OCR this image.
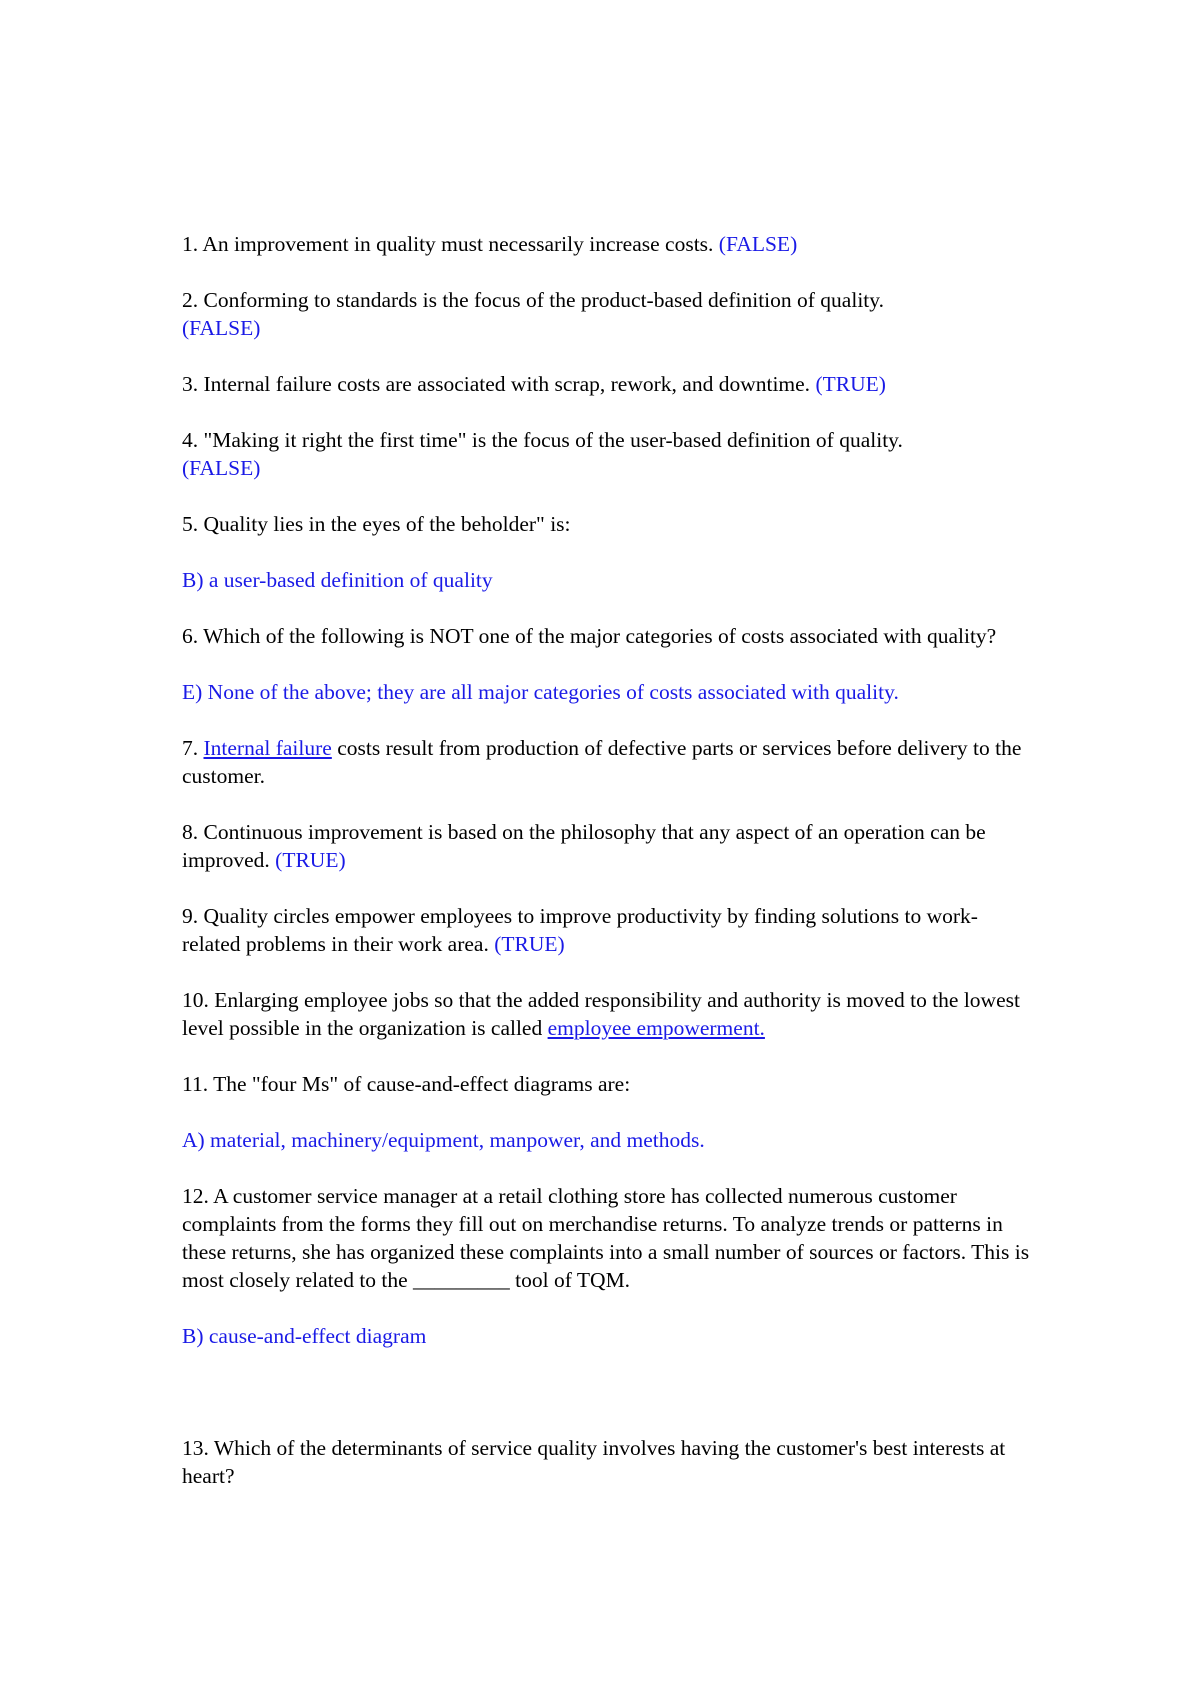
1. An improvement in quality must necessarily increase costs. (FALSE)

2. Conforming to standards is the focus of the product-based definition of quality.
(FALSE)

3. Internal failure costs are associated with scrap, rework, and downtime. (TRUE)

4. "Making it right the first time" is the focus of the user-based definition of quality.
(FALSE)

5. Quality lies in the eyes of the beholder" is:

B) a user-based definition of quality

6. Which of the following is NOT one of the major categories of costs associated with quality?

E) None of the above; they are all major categories of costs associated with quality.

7. Internal failure costs result from production of defective parts or services before delivery to the customer.

8. Continuous improvement is based on the philosophy that any aspect of an operation can be improved. (TRUE)

9. Quality circles empower employees to improve productivity by finding solutions to work-related problems in their work area. (TRUE)

10. Enlarging employee jobs so that the added responsibility and authority is moved to the lowest level possible in the organization is called employee empowerment.

11. The "four Ms" of cause-and-effect diagrams are:

A) material, machinery/equipment, manpower, and methods.

12. A customer service manager at a retail clothing store has collected numerous customer complaints from the forms they fill out on merchandise returns. To analyze trends or patterns in these returns, she has organized these complaints into a small number of sources or factors. This is most closely related to the _________ tool of TQM.

B) cause-and-effect diagram

13. Which of the determinants of service quality involves having the customer's best interests at heart?
